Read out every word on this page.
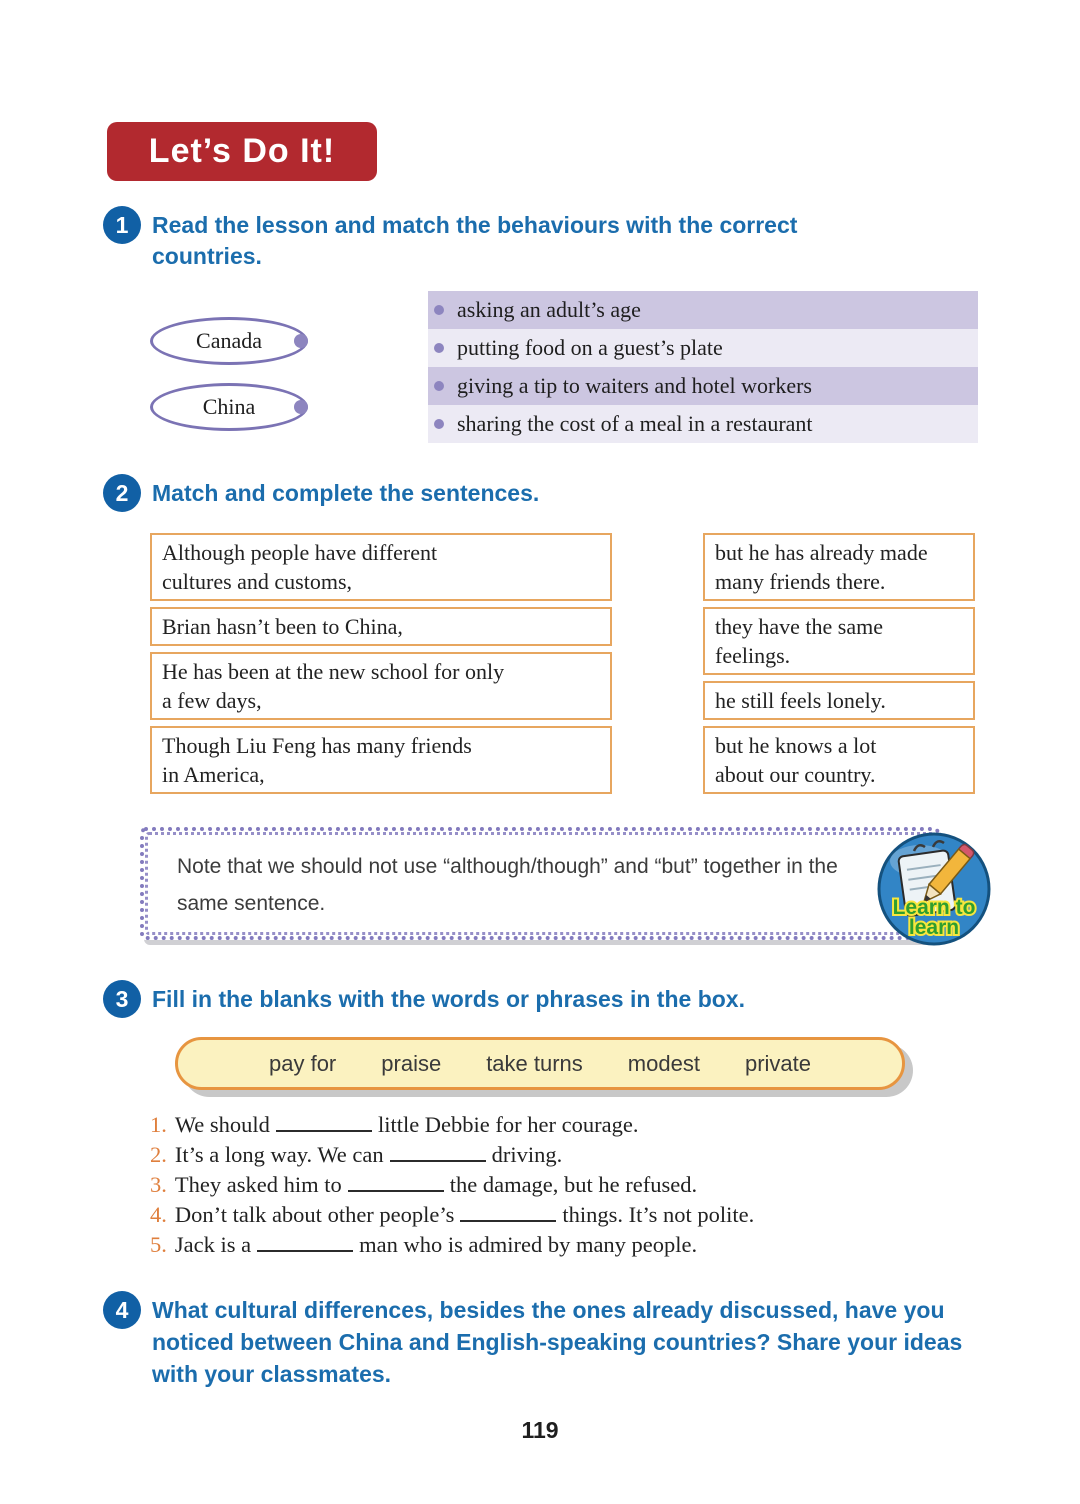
Let’s Do It!
1	Read the lesson and match the behaviours with the correct countries.
Canada
China
asking an adult’s age
putting food on a guest’s plate
giving a tip to waiters and hotel workers
sharing the cost of a meal in a restaurant
2	Match and complete the sentences.
Although people have different
cultures and customs,
Brian hasn’t been to China,
He has been at the new school for only
a few days,
Though Liu Feng has many friends
in America,
but he has already made
many friends there.
they have the same
feelings.
he still feels lonely.
but he knows a lot
about our country.
Note that we should not use “although/though” and “but” together in the same sentence.	Learn to
learn
3	Fill in the blanks with the words or phrases in the box.
pay for praise take turns modest private
1. We should	little Debbie for her courage.
2. It’s a long way. We can	driving.
3. They asked him to	the damage, but he refused.
4. Don’t talk about other people’s	things. It’s not polite.
5. Jack is a	man who is admired by many people.
4	What cultural differences, besides the ones already discussed, have you noticed between China and English-speaking countries? Share your ideas with your classmates.
119
